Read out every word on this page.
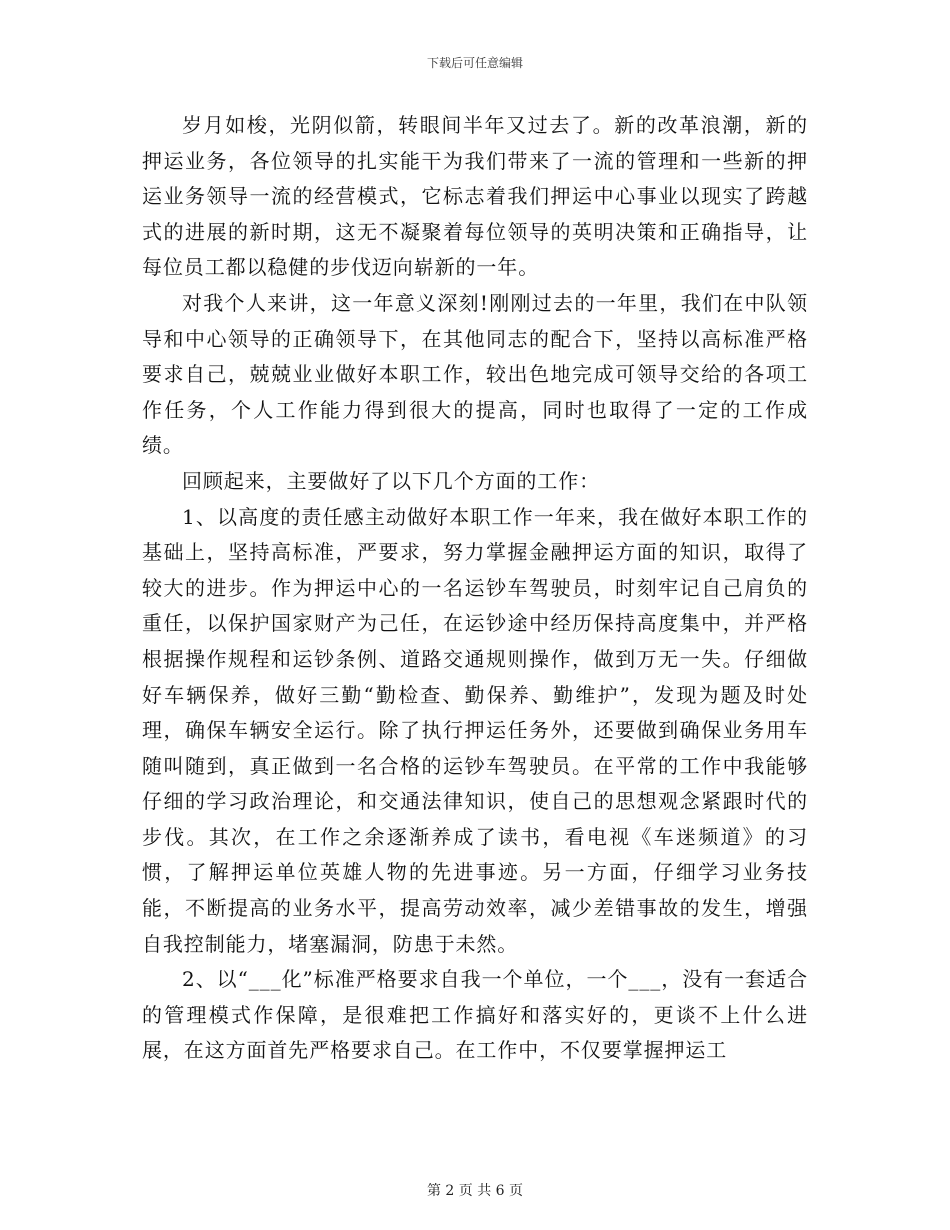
下载后可任意编辑

岁月如梭，光阴似箭，转眼间半年又过去了。新的改革浪潮，新的押运业务，各位领导的扎实能干为我们带来了一流的管理和一些新的押运业务领导一流的经营模式，它标志着我们押运中心事业以现实了跨越式的进展的新时期，这无不凝聚着每位领导的英明决策和正确指导，让每位员工都以稳健的步伐迈向崭新的一年。

对我个人来讲，这一年意义深刻!刚刚过去的一年里，我们在中队领导和中心领导的正确领导下，在其他同志的配合下，坚持以高标准严格要求自己，兢兢业业做好本职工作，较出色地完成可领导交给的各项工作任务，个人工作能力得到很大的提高，同时也取得了一定的工作成绩。

回顾起来，主要做好了以下几个方面的工作：

1、以高度的责任感主动做好本职工作一年来，我在做好本职工作的基础上，坚持高标准，严要求，努力掌握金融押运方面的知识，取得了较大的进步。作为押运中心的一名运钞车驾驶员，时刻牢记自己肩负的重任，以保护国家财产为己任，在运钞途中经历保持高度集中，并严格根据操作规程和运钞条例、道路交通规则操作，做到万无一失。仔细做好车辆保养，做好三勤“勤检查、勤保养、勤维护”，发现为题及时处理，确保车辆安全运行。除了执行押运任务外，还要做到确保业务用车随叫随到，真正做到一名合格的运钞车驾驶员。在平常的工作中我能够仔细的学习政治理论，和交通法律知识，使自己的思想观念紧跟时代的步伐。其次，在工作之余逐渐养成了读书，看电视《车迷频道》的习惯，了解押运单位英雄人物的先进事迹。另一方面，仔细学习业务技能，不断提高的业务水平，提高劳动效率，减少差错事故的发生，增强自我控制能力，堵塞漏洞，防患于未然。

2、以“___化”标准严格要求自我一个单位，一个___，没有一套适合的管理模式作保障，是很难把工作搞好和落实好的，更谈不上什么进展，在这方面首先严格要求自己。在工作中，不仅要掌握押运工

第 2 页 共 6 页
